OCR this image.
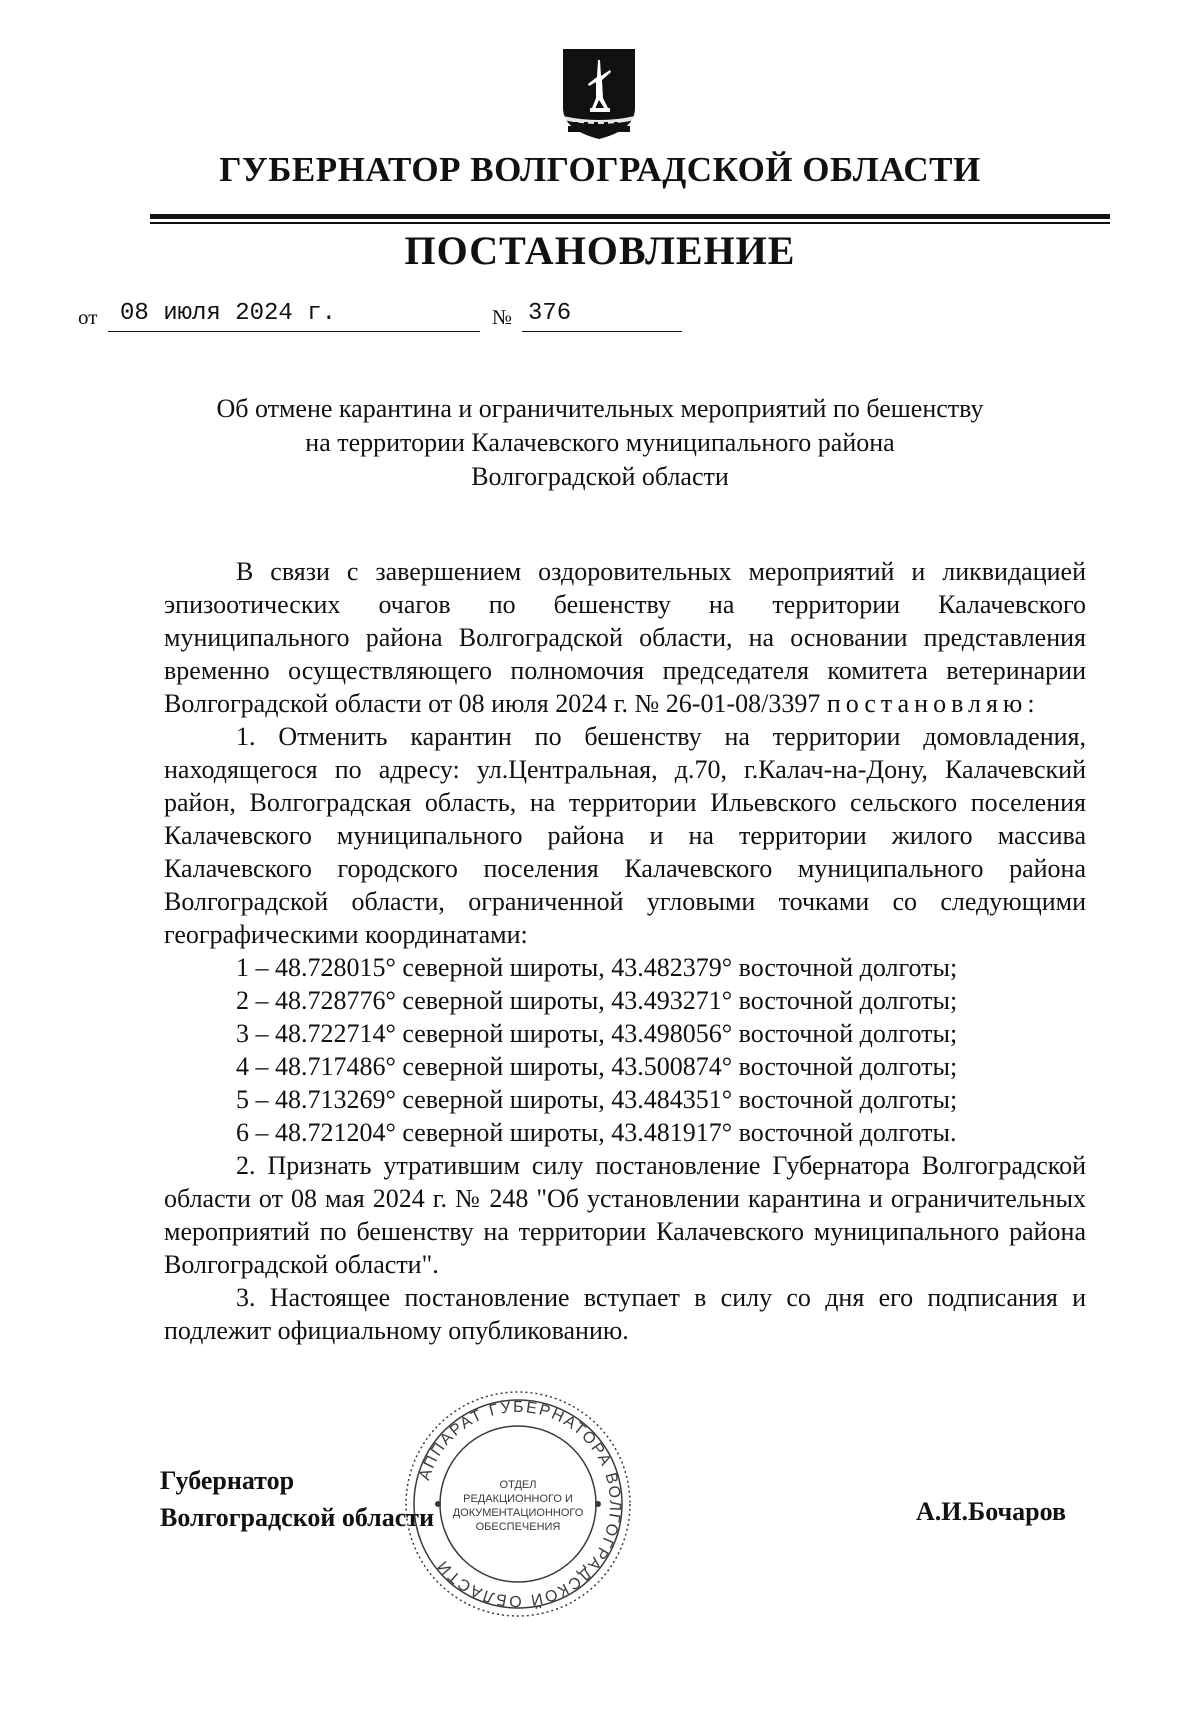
ГУБЕРНАТОР ВОЛГОГРАДСКОЙ ОБЛАСТИ
ПОСТАНОВЛЕНИЕ
от 08 июля 2024 г.	№ 376
Об отмене карантина и ограничительных мероприятий по бешенству
на территории Калачевского муниципального района
Волгоградской области

В связи с завершением оздоровительных мероприятий и ликвидацией эпизоотических очагов по бешенству на территории Калачевского муниципального района Волгоградской области, на основании представления временно осуществляющего полномочия председателя комитета ветеринарии Волгоградской области от 08 июля 2024 г. № 26-01-08/3397 постановляю:

1. Отменить карантин по бешенству на территории домовладения, находящегося по адресу: ул.Центральная, д.70, г.Калач-на-Дону, Калачевский район, Волгоградская область, на территории Ильевского сельского поселения Калачевского муниципального района и на территории жилого массива Калачевского городского поселения Калачевского муниципального района Волгоградской области, ограниченной угловыми точками со следующими географическими координатами:

1 – 48.728015° северной широты, 43.482379° восточной долготы;

2 – 48.728776° северной широты, 43.493271° восточной долготы;

3 – 48.722714° северной широты, 43.498056° восточной долготы;

4 – 48.717486° северной широты, 43.500874° восточной долготы;

5 – 48.713269° северной широты, 43.484351° восточной долготы;

6 – 48.721204° северной широты, 43.481917° восточной долготы.

2. Признать утратившим силу постановление Губернатора Волгоградской области от 08 мая 2024 г. № 248 "Об установлении карантина и ограничительных мероприятий по бешенству на территории Калачевского муниципального района Волгоградской области".

3. Настоящее постановление вступает в силу со дня его подписания и подлежит официальному опубликованию.

Губернатор
Волгоградской области	А.И.Бочаров
АППАРАТ ГУБЕРНАТОРА ВОЛГОГРАДСКОЙ ОБЛАСТИ
ОТДЕЛ
РЕДАКЦИОННОГО И
ДОКУМЕНТАЦИОННОГО
ОБЕСПЕЧЕНИЯ
